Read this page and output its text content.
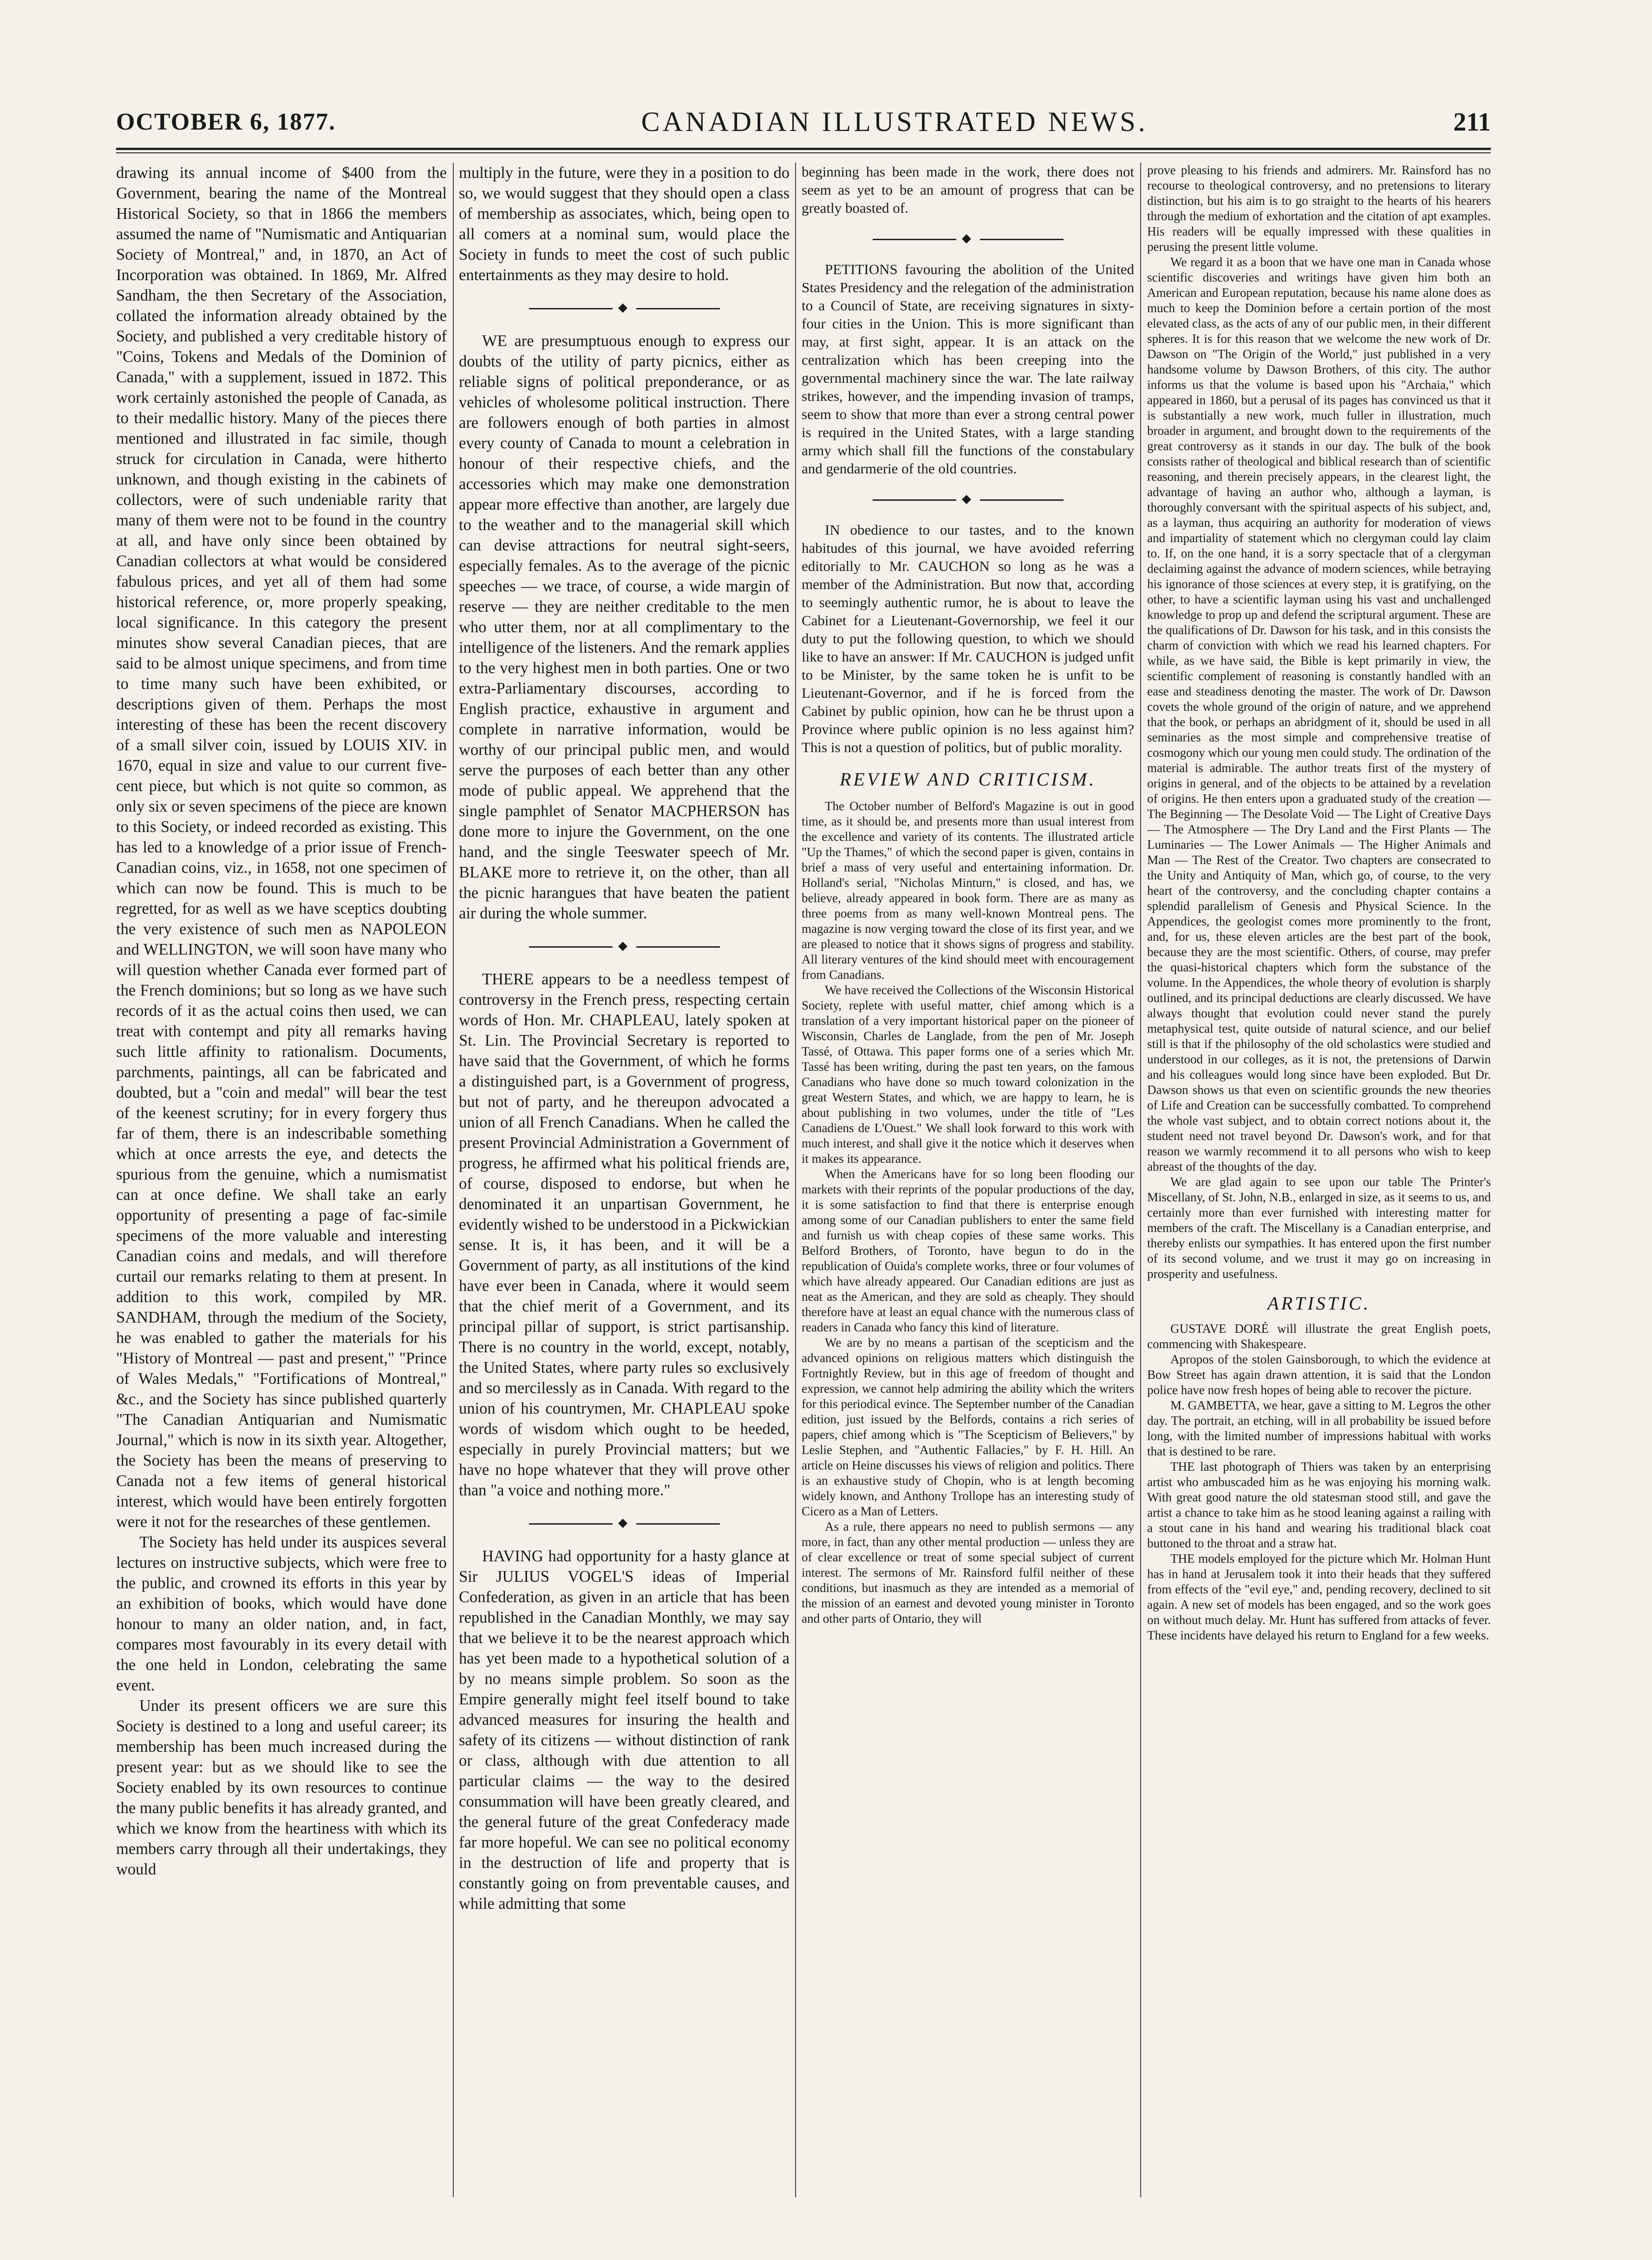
OCTOBER 6, 1877.	CANADIAN ILLUSTRATED NEWS.	211

drawing its annual income of $400 from the Government, bearing the name of the Montreal Historical Society, so that in 1866 the members assumed the name of "Numismatic and Antiquarian Society of Montreal," and, in 1870, an Act of Incorporation was obtained. In 1869, Mr. Alfred Sandham, the then Secretary of the Association, collated the information already obtained by the Society, and published a very creditable history of "Coins, Tokens and Medals of the Dominion of Canada," with a supplement, issued in 1872. This work certainly astonished the people of Canada, as to their medallic history. Many of the pieces there mentioned and illustrated in fac simile, though struck for circulation in Canada, were hitherto unknown, and though existing in the cabinets of collectors, were of such undeniable rarity that many of them were not to be found in the country at all, and have only since been obtained by Canadian collectors at what would be considered fabulous prices, and yet all of them had some historical reference, or, more properly speaking, local significance. In this category the present minutes show several Canadian pieces, that are said to be almost unique specimens, and from time to time many such have been exhibited, or descriptions given of them. Perhaps the most interesting of these has been the recent discovery of a small silver coin, issued by LOUIS XIV. in 1670, equal in size and value to our current five-cent piece, but which is not quite so common, as only six or seven specimens of the piece are known to this Society, or indeed recorded as existing. This has led to a knowledge of a prior issue of French-Canadian coins, viz., in 1658, not one specimen of which can now be found. This is much to be regretted, for as well as we have sceptics doubting the very existence of such men as NAPOLEON and WELLINGTON, we will soon have many who will question whether Canada ever formed part of the French dominions; but so long as we have such records of it as the actual coins then used, we can treat with contempt and pity all remarks having such little affinity to rationalism. Documents, parchments, paintings, all can be fabricated and doubted, but a "coin and medal" will bear the test of the keenest scrutiny; for in every forgery thus far of them, there is an indescribable something which at once arrests the eye, and detects the spurious from the genuine, which a numismatist can at once define. We shall take an early opportunity of presenting a page of fac-simile specimens of the more valuable and interesting Canadian coins and medals, and will therefore curtail our remarks relating to them at present. In addition to this work, compiled by MR. SANDHAM, through the medium of the Society, he was enabled to gather the materials for his "History of Montreal — past and present," "Prince of Wales Medals," "Fortifications of Montreal," &c., and the Society has since published quarterly "The Canadian Antiquarian and Numismatic Journal," which is now in its sixth year. Altogether, the Society has been the means of preserving to Canada not a few items of general historical interest, which would have been entirely forgotten were it not for the researches of these gentlemen.

The Society has held under its auspices several lectures on instructive subjects, which were free to the public, and crowned its efforts in this year by an exhibition of books, which would have done honour to many an older nation, and, in fact, compares most favourably in its every detail with the one held in London, celebrating the same event.

Under its present officers we are sure this Society is destined to a long and useful career; its membership has been much increased during the present year: but as we should like to see the Society enabled by its own resources to continue the many public benefits it has already granted, and which we know from the heartiness with which its members carry through all their undertakings, they would

multiply in the future, were they in a position to do so, we would suggest that they should open a class of membership as associates, which, being open to all comers at a nominal sum, would place the Society in funds to meet the cost of such public entertainments as they may desire to hold.

◆

WE are presumptuous enough to express our doubts of the utility of party picnics, either as reliable signs of political preponderance, or as vehicles of wholesome political instruction. There are followers enough of both parties in almost every county of Canada to mount a celebration in honour of their respective chiefs, and the accessories which may make one demonstration appear more effective than another, are largely due to the weather and to the managerial skill which can devise attractions for neutral sight-seers, especially females. As to the average of the picnic speeches — we trace, of course, a wide margin of reserve — they are neither creditable to the men who utter them, nor at all complimentary to the intelligence of the listeners. And the remark applies to the very highest men in both parties. One or two extra-Parliamentary discourses, according to English practice, exhaustive in argument and complete in narrative information, would be worthy of our principal public men, and would serve the purposes of each better than any other mode of public appeal. We apprehend that the single pamphlet of Senator MACPHERSON has done more to injure the Government, on the one hand, and the single Teeswater speech of Mr. BLAKE more to retrieve it, on the other, than all the picnic harangues that have beaten the patient air during the whole summer.

◆

THERE appears to be a needless tempest of controversy in the French press, respecting certain words of Hon. Mr. CHAPLEAU, lately spoken at St. Lin. The Provincial Secretary is reported to have said that the Government, of which he forms a distinguished part, is a Government of progress, but not of party, and he thereupon advocated a union of all French Canadians. When he called the present Provincial Administration a Government of progress, he affirmed what his political friends are, of course, disposed to endorse, but when he denominated it an unpartisan Government, he evidently wished to be understood in a Pickwickian sense. It is, it has been, and it will be a Government of party, as all institutions of the kind have ever been in Canada, where it would seem that the chief merit of a Government, and its principal pillar of support, is strict partisanship. There is no country in the world, except, notably, the United States, where party rules so exclusively and so mercilessly as in Canada. With regard to the union of his countrymen, Mr. CHAPLEAU spoke words of wisdom which ought to be heeded, especially in purely Provincial matters; but we have no hope whatever that they will prove other than "a voice and nothing more."

◆

HAVING had opportunity for a hasty glance at Sir JULIUS VOGEL'S ideas of Imperial Confederation, as given in an article that has been republished in the Canadian Monthly, we may say that we believe it to be the nearest approach which has yet been made to a hypothetical solution of a by no means simple problem. So soon as the Empire generally might feel itself bound to take advanced measures for insuring the health and safety of its citizens — without distinction of rank or class, although with due attention to all particular claims — the way to the desired consummation will have been greatly cleared, and the general future of the great Confederacy made far more hopeful. We can see no political economy in the destruction of life and property that is constantly going on from preventable causes, and while admitting that some

beginning has been made in the work, there does not seem as yet to be an amount of progress that can be greatly boasted of.

◆

PETITIONS favouring the abolition of the United States Presidency and the relegation of the administration to a Council of State, are receiving signatures in sixty-four cities in the Union. This is more significant than may, at first sight, appear. It is an attack on the centralization which has been creeping into the governmental machinery since the war. The late railway strikes, however, and the impending invasion of tramps, seem to show that more than ever a strong central power is required in the United States, with a large standing army which shall fill the functions of the constabulary and gendarmerie of the old countries.

◆

IN obedience to our tastes, and to the known habitudes of this journal, we have avoided referring editorially to Mr. CAUCHON so long as he was a member of the Administration. But now that, according to seemingly authentic rumor, he is about to leave the Cabinet for a Lieutenant-Governorship, we feel it our duty to put the following question, to which we should like to have an answer: If Mr. CAUCHON is judged unfit to be Minister, by the same token he is unfit to be Lieutenant-Governor, and if he is forced from the Cabinet by public opinion, how can he be thrust upon a Province where public opinion is no less against him? This is not a question of politics, but of public morality.

REVIEW AND CRITICISM.

The October number of Belford's Magazine is out in good time, as it should be, and presents more than usual interest from the excellence and variety of its contents. The illustrated article "Up the Thames," of which the second paper is given, contains in brief a mass of very useful and entertaining information. Dr. Holland's serial, "Nicholas Minturn," is closed, and has, we believe, already appeared in book form. There are as many as three poems from as many well-known Montreal pens. The magazine is now verging toward the close of its first year, and we are pleased to notice that it shows signs of progress and stability. All literary ventures of the kind should meet with encouragement from Canadians.

We have received the Collections of the Wisconsin Historical Society, replete with useful matter, chief among which is a translation of a very important historical paper on the pioneer of Wisconsin, Charles de Langlade, from the pen of Mr. Joseph Tassé, of Ottawa. This paper forms one of a series which Mr. Tassé has been writing, during the past ten years, on the famous Canadians who have done so much toward colonization in the great Western States, and which, we are happy to learn, he is about publishing in two volumes, under the title of "Les Canadiens de L'Ouest." We shall look forward to this work with much interest, and shall give it the notice which it deserves when it makes its appearance.

When the Americans have for so long been flooding our markets with their reprints of the popular productions of the day, it is some satisfaction to find that there is enterprise enough among some of our Canadian publishers to enter the same field and furnish us with cheap copies of these same works. This Belford Brothers, of Toronto, have begun to do in the republication of Ouida's complete works, three or four volumes of which have already appeared. Our Canadian editions are just as neat as the American, and they are sold as cheaply. They should therefore have at least an equal chance with the numerous class of readers in Canada who fancy this kind of literature.

We are by no means a partisan of the scepticism and the advanced opinions on religious matters which distinguish the Fortnightly Review, but in this age of freedom of thought and expression, we cannot help admiring the ability which the writers for this periodical evince. The September number of the Canadian edition, just issued by the Belfords, contains a rich series of papers, chief among which is "The Scepticism of Believers," by Leslie Stephen, and "Authentic Fallacies," by F. H. Hill. An article on Heine discusses his views of religion and politics. There is an exhaustive study of Chopin, who is at length becoming widely known, and Anthony Trollope has an interesting study of Cicero as a Man of Letters.

As a rule, there appears no need to publish sermons — any more, in fact, than any other mental production — unless they are of clear excellence or treat of some special subject of current interest. The sermons of Mr. Rainsford fulfil neither of these conditions, but inasmuch as they are intended as a memorial of the mission of an earnest and devoted young minister in Toronto and other parts of Ontario, they will

prove pleasing to his friends and admirers. Mr. Rainsford has no recourse to theological controversy, and no pretensions to literary distinction, but his aim is to go straight to the hearts of his hearers through the medium of exhortation and the citation of apt examples. His readers will be equally impressed with these qualities in perusing the present little volume.

We regard it as a boon that we have one man in Canada whose scientific discoveries and writings have given him both an American and European reputation, because his name alone does as much to keep the Dominion before a certain portion of the most elevated class, as the acts of any of our public men, in their different spheres. It is for this reason that we welcome the new work of Dr. Dawson on "The Origin of the World," just published in a very handsome volume by Dawson Brothers, of this city. The author informs us that the volume is based upon his "Archaia," which appeared in 1860, but a perusal of its pages has convinced us that it is substantially a new work, much fuller in illustration, much broader in argument, and brought down to the requirements of the great controversy as it stands in our day. The bulk of the book consists rather of theological and biblical research than of scientific reasoning, and therein precisely appears, in the clearest light, the advantage of having an author who, although a layman, is thoroughly conversant with the spiritual aspects of his subject, and, as a layman, thus acquiring an authority for moderation of views and impartiality of statement which no clergyman could lay claim to. If, on the one hand, it is a sorry spectacle that of a clergyman declaiming against the advance of modern sciences, while betraying his ignorance of those sciences at every step, it is gratifying, on the other, to have a scientific layman using his vast and unchallenged knowledge to prop up and defend the scriptural argument. These are the qualifications of Dr. Dawson for his task, and in this consists the charm of conviction with which we read his learned chapters. For while, as we have said, the Bible is kept primarily in view, the scientific complement of reasoning is constantly handled with an ease and steadiness denoting the master. The work of Dr. Dawson covets the whole ground of the origin of nature, and we apprehend that the book, or perhaps an abridgment of it, should be used in all seminaries as the most simple and comprehensive treatise of cosmogony which our young men could study. The ordination of the material is admirable. The author treats first of the mystery of origins in general, and of the objects to be attained by a revelation of origins. He then enters upon a graduated study of the creation — The Beginning — The Desolate Void — The Light of Creative Days — The Atmosphere — The Dry Land and the First Plants — The Luminaries — The Lower Animals — The Higher Animals and Man — The Rest of the Creator. Two chapters are consecrated to the Unity and Antiquity of Man, which go, of course, to the very heart of the controversy, and the concluding chapter contains a splendid parallelism of Genesis and Physical Science. In the Appendices, the geologist comes more prominently to the front, and, for us, these eleven articles are the best part of the book, because they are the most scientific. Others, of course, may prefer the quasi-historical chapters which form the substance of the volume. In the Appendices, the whole theory of evolution is sharply outlined, and its principal deductions are clearly discussed. We have always thought that evolution could never stand the purely metaphysical test, quite outside of natural science, and our belief still is that if the philosophy of the old scholastics were studied and understood in our colleges, as it is not, the pretensions of Darwin and his colleagues would long since have been exploded. But Dr. Dawson shows us that even on scientific grounds the new theories of Life and Creation can be successfully combatted. To comprehend the whole vast subject, and to obtain correct notions about it, the student need not travel beyond Dr. Dawson's work, and for that reason we warmly recommend it to all persons who wish to keep abreast of the thoughts of the day.

We are glad again to see upon our table The Printer's Miscellany, of St. John, N.B., enlarged in size, as it seems to us, and certainly more than ever furnished with interesting matter for members of the craft. The Miscellany is a Canadian enterprise, and thereby enlists our sympathies. It has entered upon the first number of its second volume, and we trust it may go on increasing in prosperity and usefulness.

ARTISTIC.

GUSTAVE DORÉ will illustrate the great English poets, commencing with Shakespeare.

Apropos of the stolen Gainsborough, to which the evidence at Bow Street has again drawn attention, it is said that the London police have now fresh hopes of being able to recover the picture.

M. GAMBETTA, we hear, gave a sitting to M. Legros the other day. The portrait, an etching, will in all probability be issued before long, with the limited number of impressions habitual with works that is destined to be rare.

THE last photograph of Thiers was taken by an enterprising artist who ambuscaded him as he was enjoying his morning walk. With great good nature the old statesman stood still, and gave the artist a chance to take him as he stood leaning against a railing with a stout cane in his hand and wearing his traditional black coat buttoned to the throat and a straw hat.

THE models employed for the picture which Mr. Holman Hunt has in hand at Jerusalem took it into their heads that they suffered from effects of the "evil eye," and, pending recovery, declined to sit again. A new set of models has been engaged, and so the work goes on without much delay. Mr. Hunt has suffered from attacks of fever. These incidents have delayed his return to England for a few weeks.
